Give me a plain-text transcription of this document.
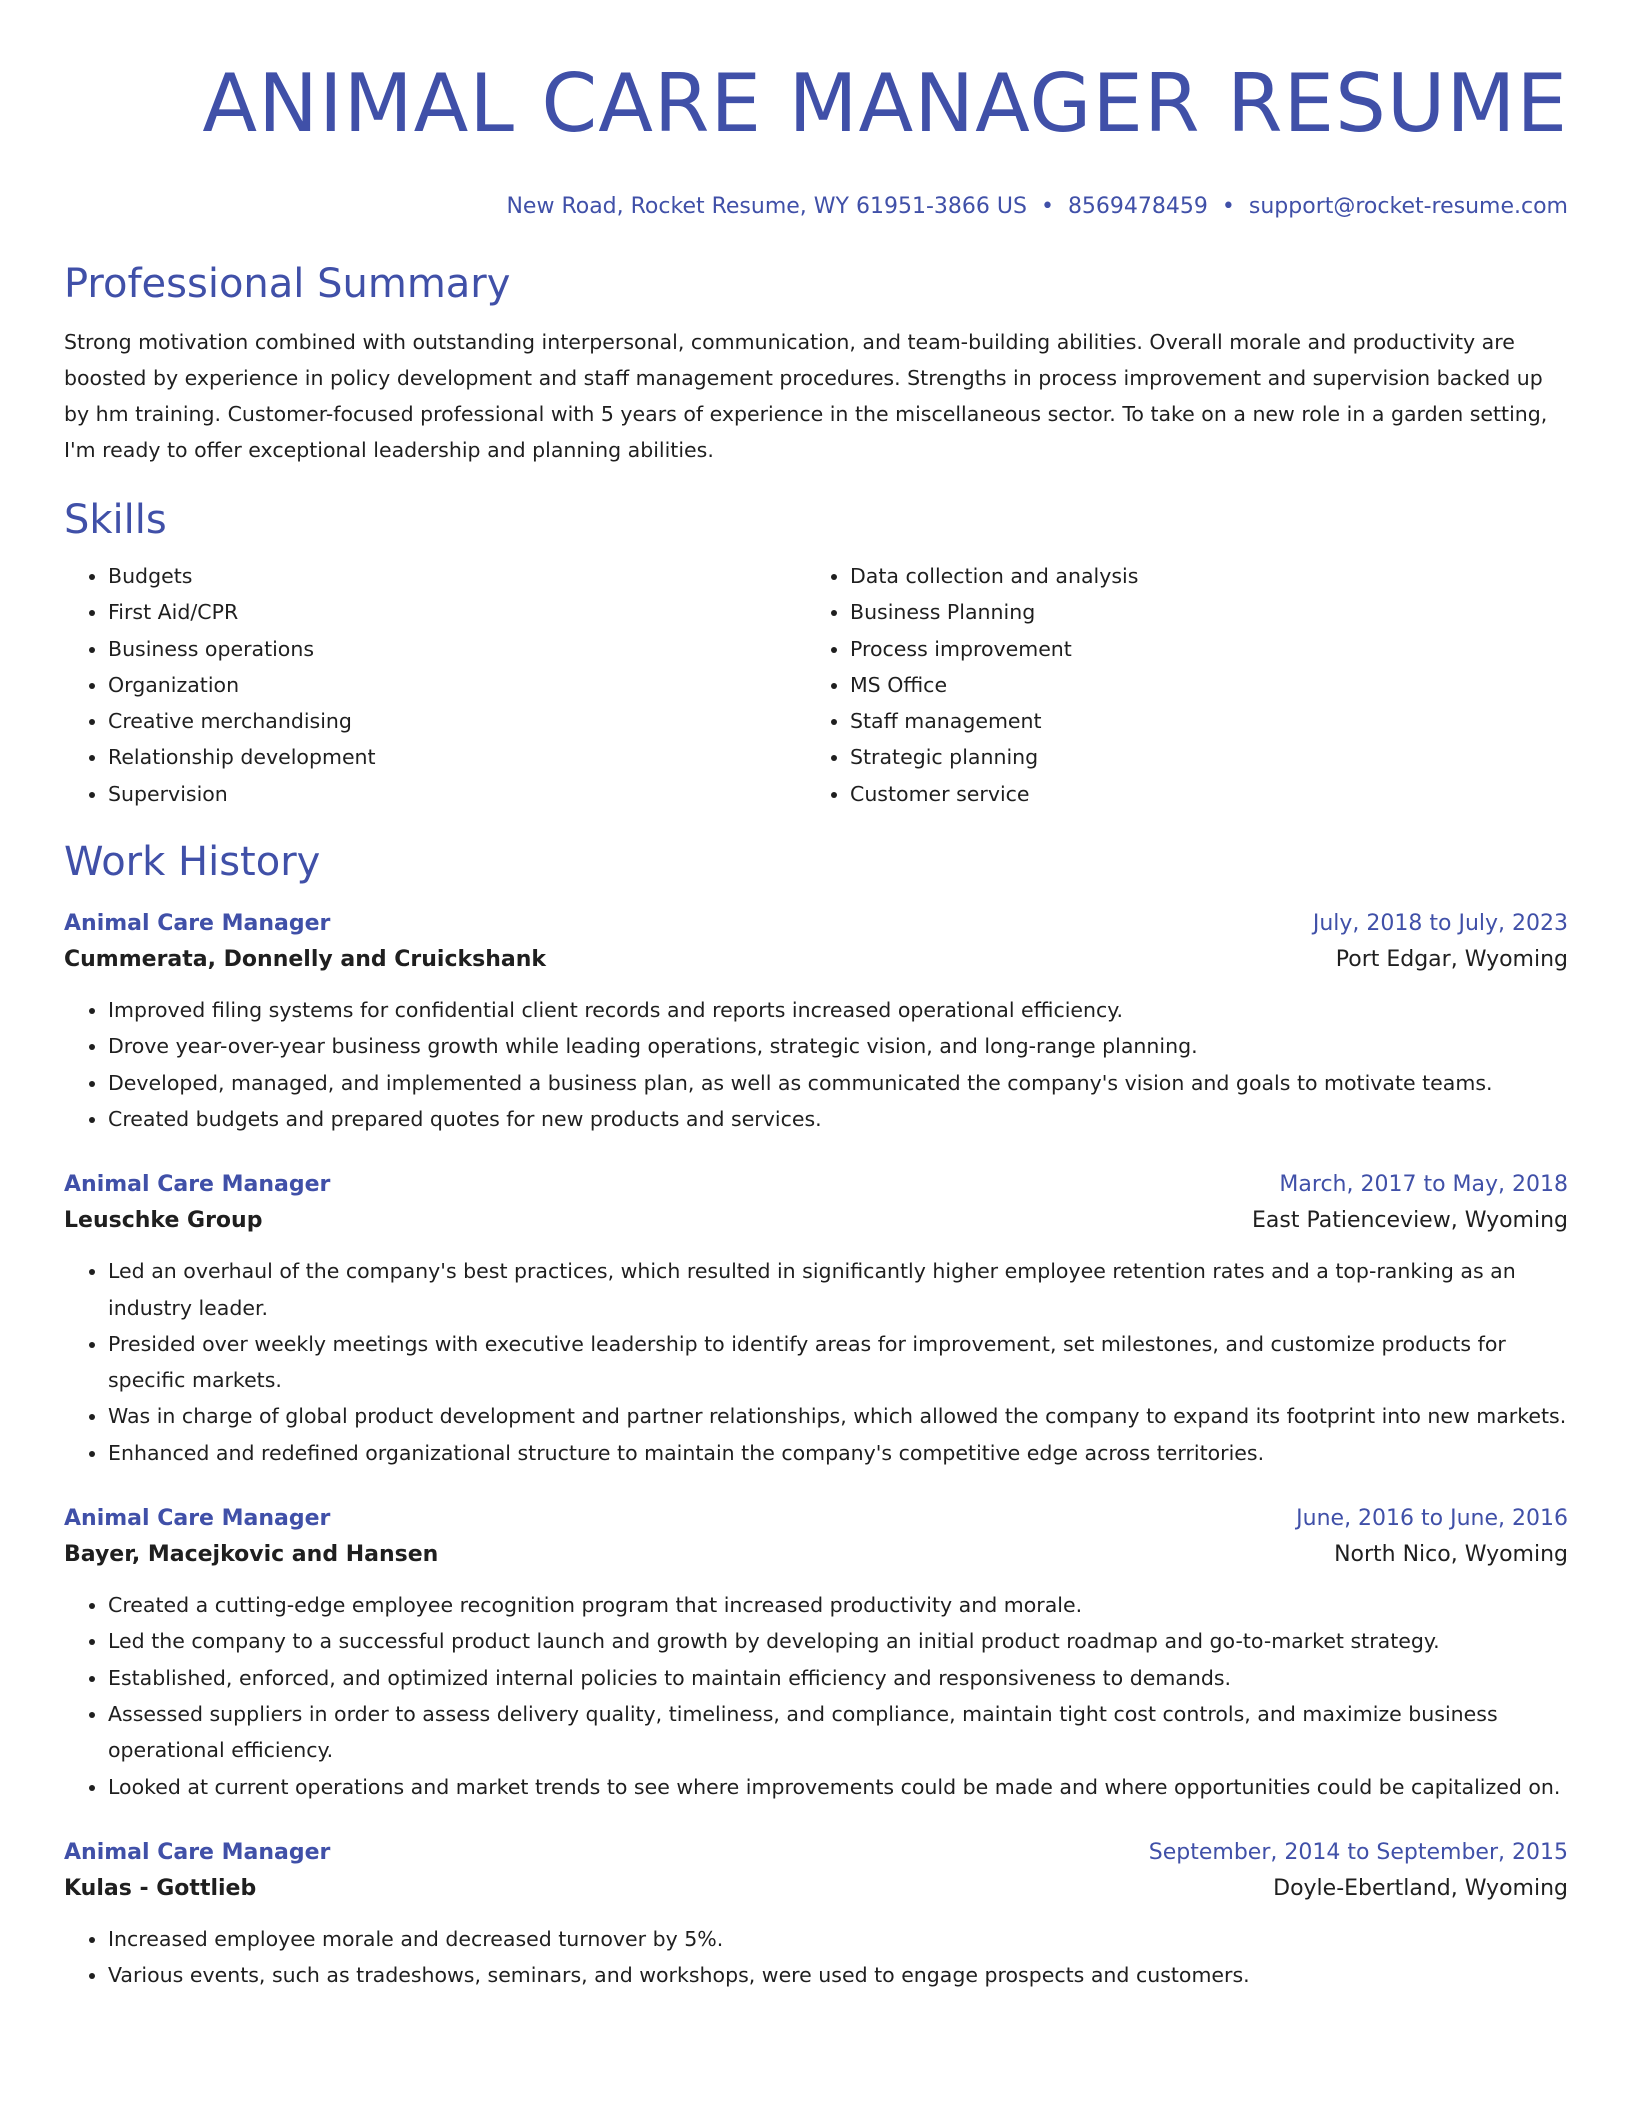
ANIMAL CARE MANAGER RESUME
New Road, Rocket Resume, WY 61951-3866 US • 8569478459 • support@rocket-resume.com
Professional Summary

Strong motivation combined with outstanding interpersonal, communication, and team-building abilities. Overall morale and productivity are boosted by experience in policy development and staff management procedures. Strengths in process improvement and supervision backed up by hm training. Customer-focused professional with 5 years of experience in the miscellaneous sector. To take on a new role in a garden setting, I'm ready to offer exceptional leadership and planning abilities.

Skills
• Budgets
• First Aid/CPR
• Business operations
• Organization
• Creative merchandising
• Relationship development
• Supervision
• Data collection and analysis
• Business Planning
• Process improvement
• MS Office
• Staff management
• Strategic planning
• Customer service
Work History
Animal Care Manager	July, 2018 to July, 2023
Cummerata, Donnelly and Cruickshank	Port Edgar, Wyoming
• Improved filing systems for confidential client records and reports increased operational efficiency.
• Drove year-over-year business growth while leading operations, strategic vision, and long-range planning.
• Developed, managed, and implemented a business plan, as well as communicated the company's vision and goals to motivate teams.
• Created budgets and prepared quotes for new products and services.
Animal Care Manager	March, 2017 to May, 2018
Leuschke Group	East Patienceview, Wyoming
• Led an overhaul of the company's best practices, which resulted in significantly higher employee retention rates and a top-ranking as an industry leader.
• Presided over weekly meetings with executive leadership to identify areas for improvement, set milestones, and customize products for specific markets.
• Was in charge of global product development and partner relationships, which allowed the company to expand its footprint into new markets.
• Enhanced and redefined organizational structure to maintain the company's competitive edge across territories.
Animal Care Manager	June, 2016 to June, 2016
Bayer, Macejkovic and Hansen	North Nico, Wyoming
• Created a cutting-edge employee recognition program that increased productivity and morale.
• Led the company to a successful product launch and growth by developing an initial product roadmap and go-to-market strategy.
• Established, enforced, and optimized internal policies to maintain efficiency and responsiveness to demands.
• Assessed suppliers in order to assess delivery quality, timeliness, and compliance, maintain tight cost controls, and maximize business operational efficiency.
• Looked at current operations and market trends to see where improvements could be made and where opportunities could be capitalized on.
Animal Care Manager	September, 2014 to September, 2015
Kulas - Gottlieb	Doyle-Ebertland, Wyoming
• Increased employee morale and decreased turnover by 5%.
• Various events, such as tradeshows, seminars, and workshops, were used to engage prospects and customers.
